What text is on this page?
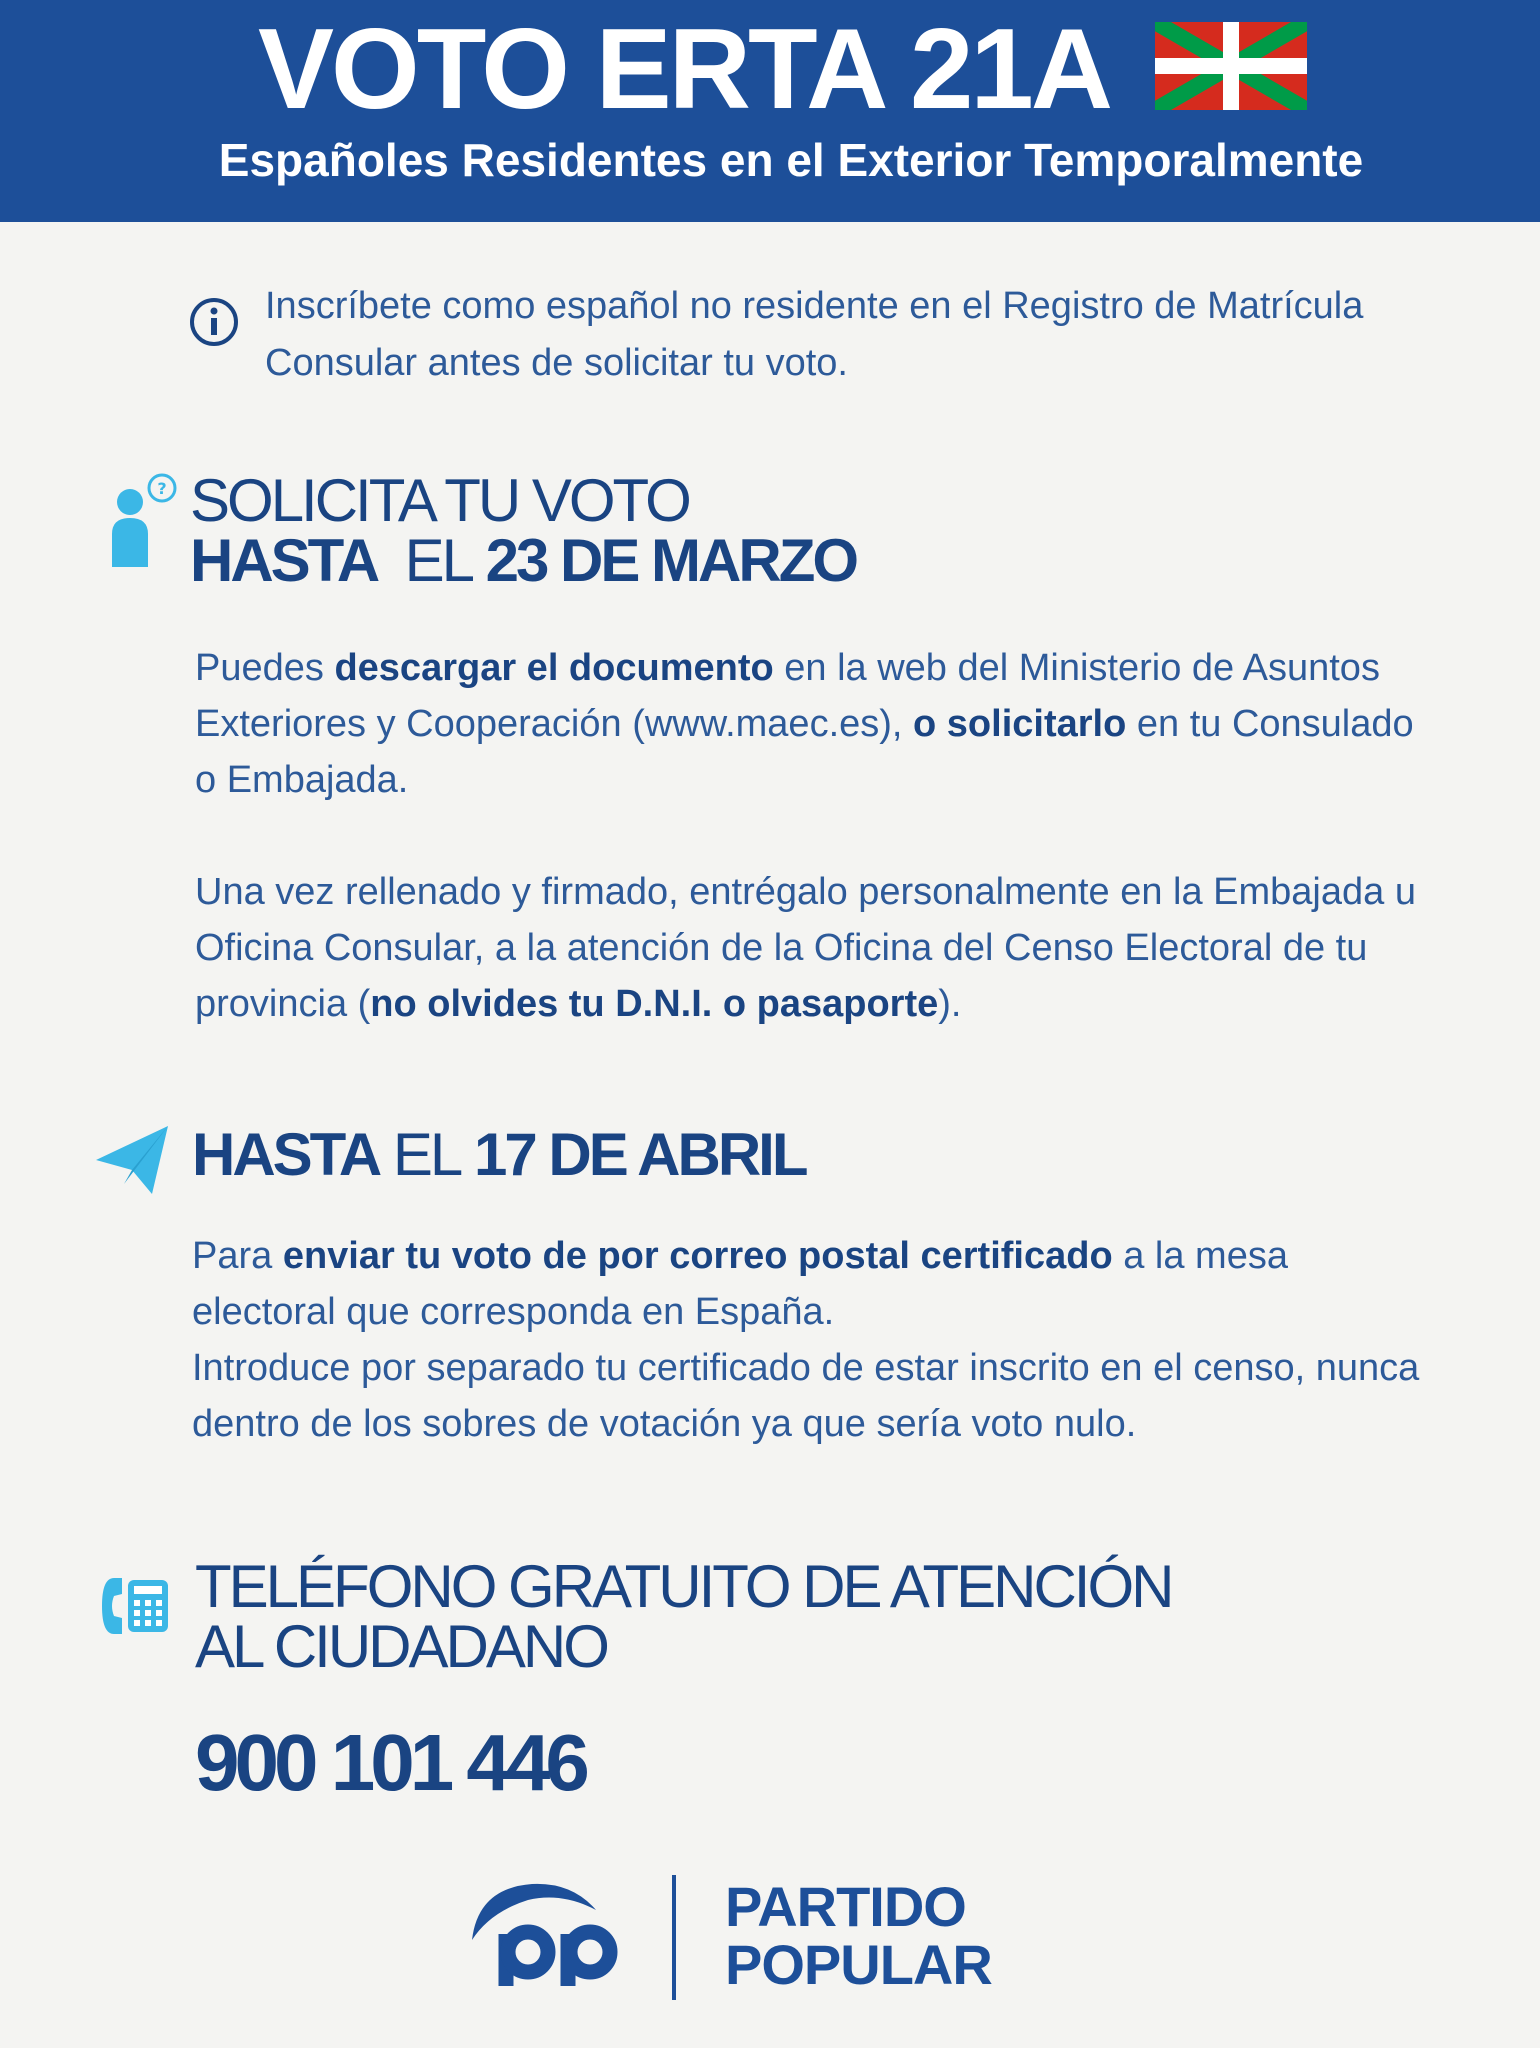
VOTO ERTA 21A
Españoles Residentes en el Exterior Temporalmente
Inscríbete como español no residente en el Registro de Matrícula Consular antes de solicitar tu voto.
? SOLICITA TU VOTO
HASTA EL 23 DE MARZO
Puedes descargar el documento en la web del Ministerio de Asuntos Exteriores y Cooperación (www.maec.es), o solicitarlo en tu Consulado o Embajada.
Una vez rellenado y firmado, entrégalo personalmente en la Embajada u Oficina Consular, a la atención de la Oficina del Censo Electoral de tu provincia (no olvides tu D.N.I. o pasaporte).
HASTA EL 17 DE ABRIL
Para enviar tu voto de por correo postal certificado a la mesa electoral que corresponda en España.
Introduce por separado tu certificado de estar inscrito en el censo, nunca dentro de los sobres de votación ya que sería voto nulo.
TELÉFONO GRATUITO DE ATENCIÓN
AL CIUDADANO
900 101 446
PARTIDO
POPULAR
